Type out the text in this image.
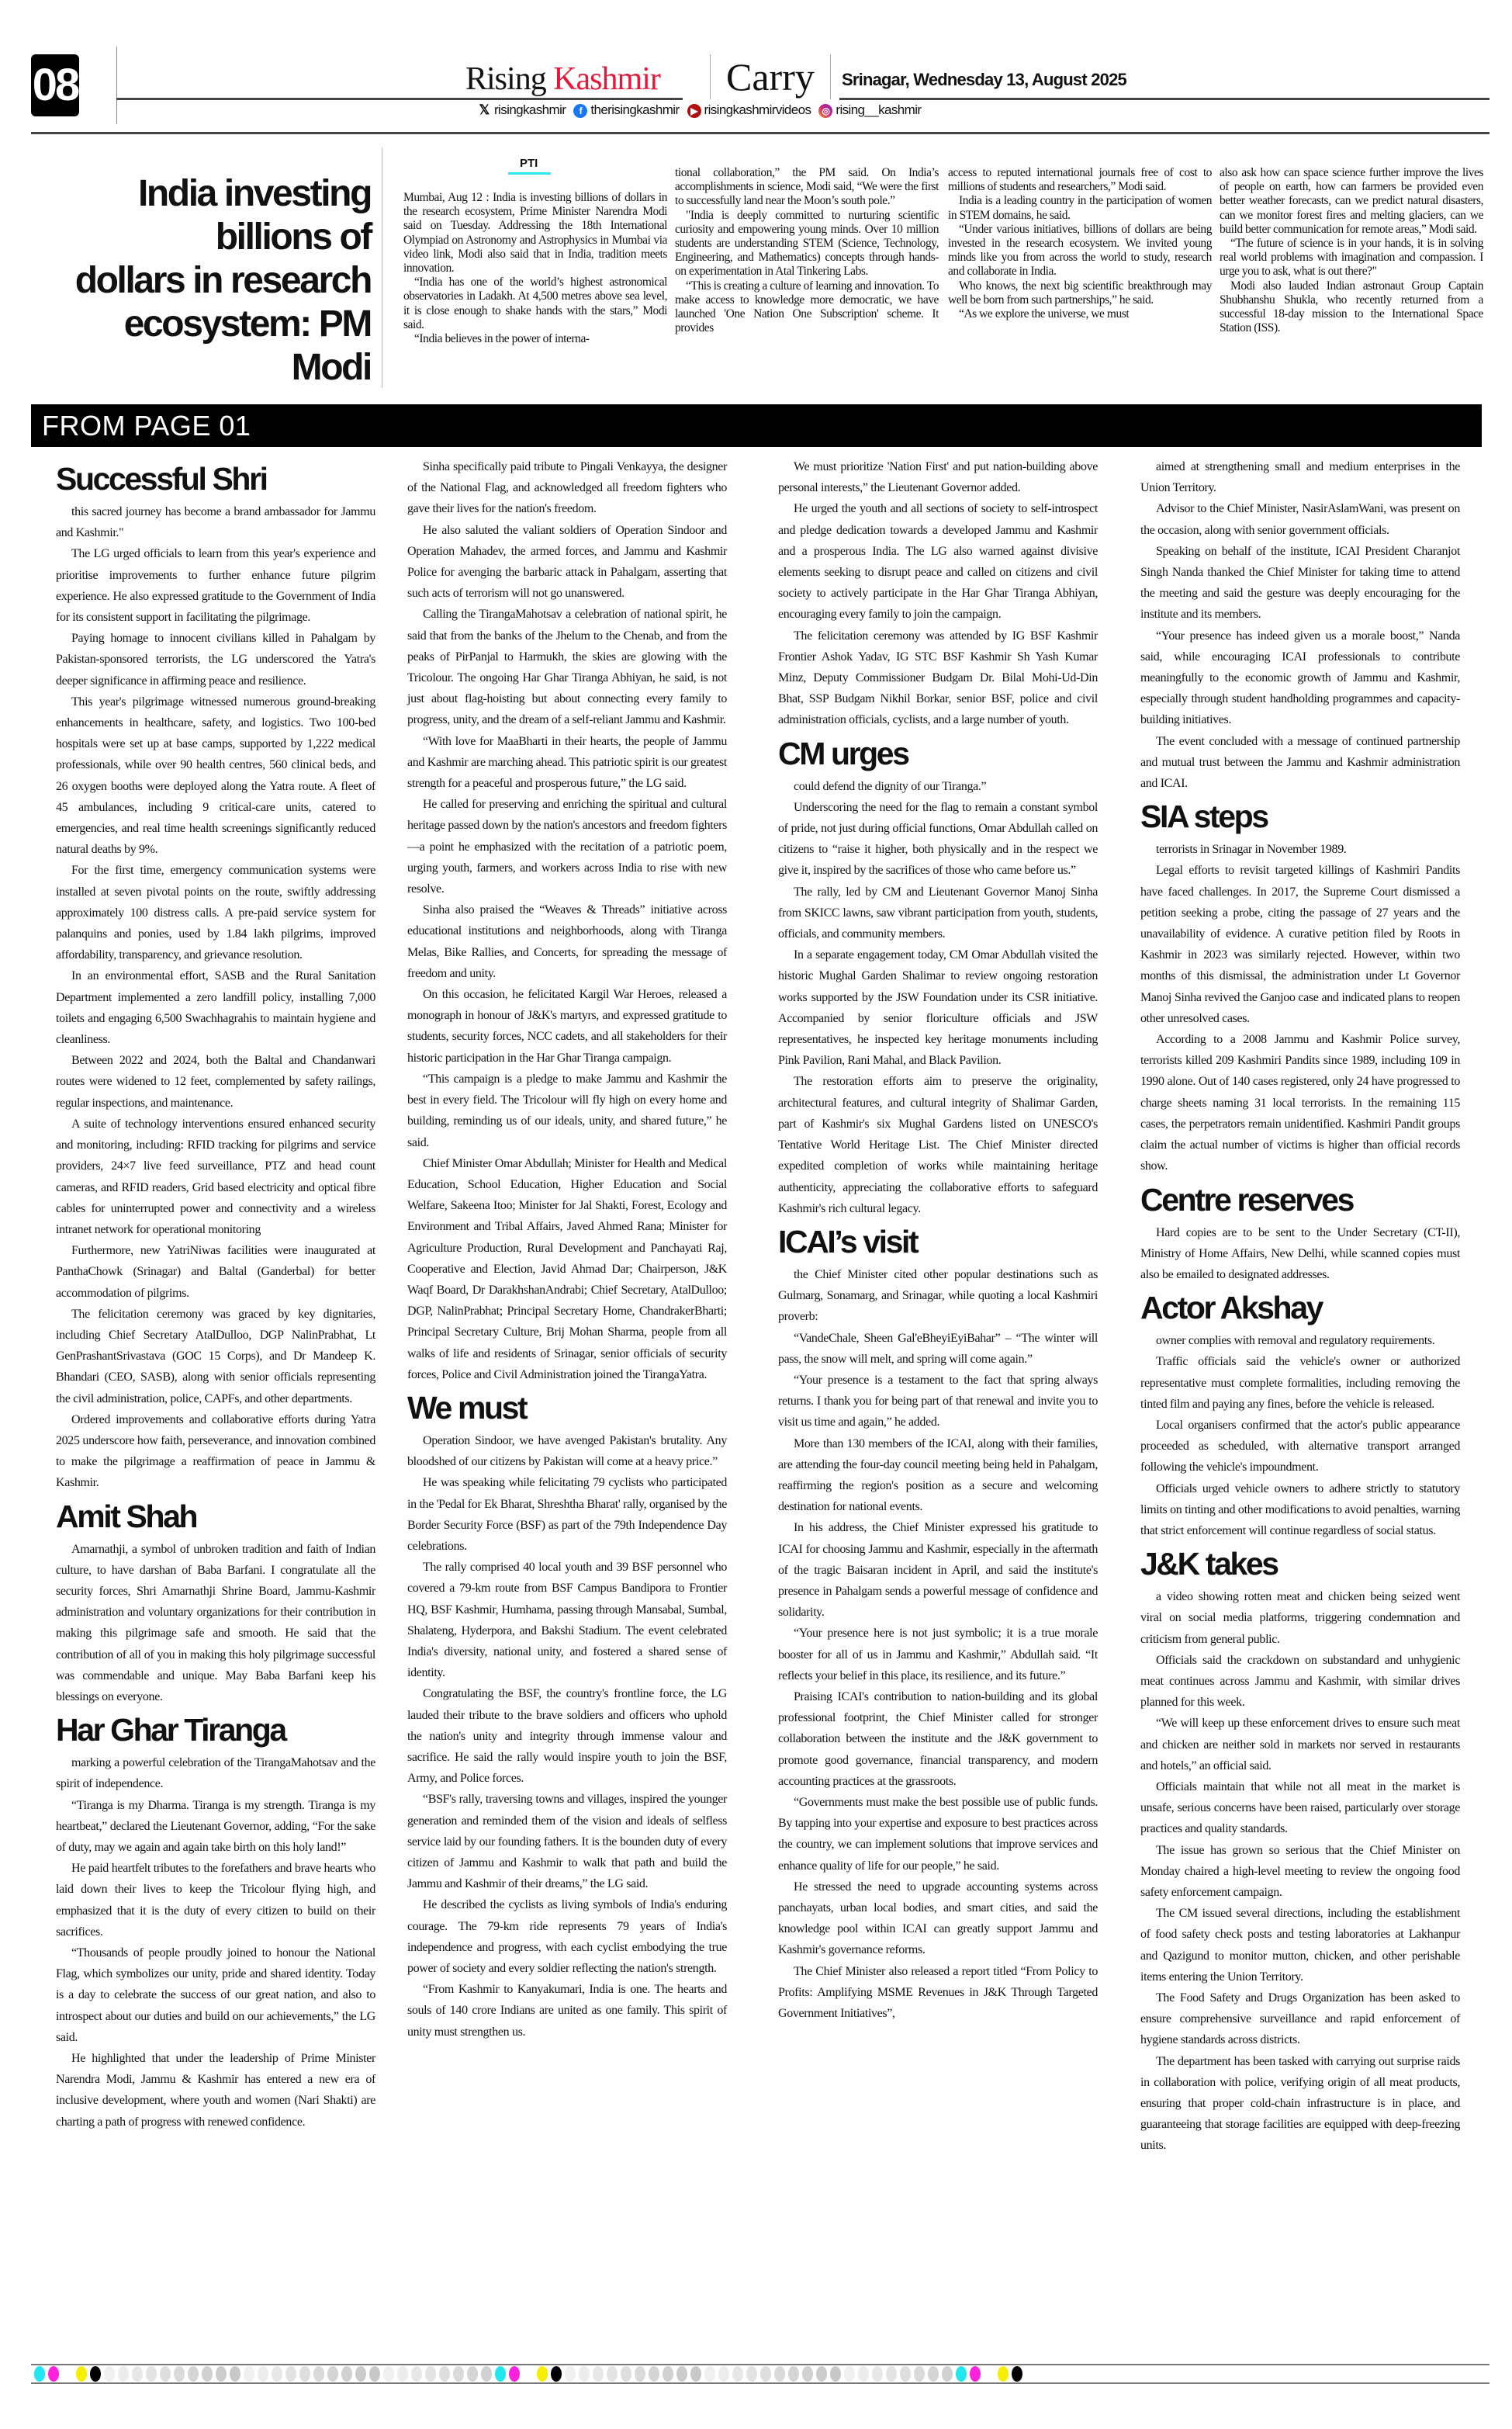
08	Rising Kashmir	Carry	Srinagar, Wednesday 13, August 2025
𝕏 risingkashmir	f therisingkashmir	▶ risingkashmirvideos	◎ rising__kashmir
India investing
billions of
dollars in research
ecosystem: PM Modi
PTI

Mumbai, Aug 12 : India is investing billions of dollars in the research ecosystem, Prime Minister Narendra Modi said on Tuesday. Addressing the 18th International Olympiad on Astronomy and Astrophysics in Mumbai via video link, Modi also said that in India, tradition meets innovation.

“India has one of the world’s highest astronomical observatories in Ladakh. At 4,500 metres above sea level, it is close enough to shake hands with the stars,” Modi said.

“India believes in the power of interna-

tional collaboration,” the PM said. On India’s accomplishments in science, Modi said, “We were the first to successfully land near the Moon’s south pole.”

"India is deeply committed to nurturing scientific curiosity and empowering young minds. Over 10 million students are understanding STEM (Science, Technology, Engineering, and Mathematics) concepts through hands-on experimentation in Atal Tinkering Labs.

“This is creating a culture of learning and innovation. To make access to knowledge more democratic, we have launched 'One Nation One Subscription' scheme. It provides

access to reputed international journals free of cost to millions of students and researchers,” Modi said.

India is a leading country in the participation of women in STEM domains, he said.

“Under various initiatives, billions of dollars are being invested in the research ecosystem. We invited young minds like you from across the world to study, research and collaborate in India.

Who knows, the next big scientific breakthrough may well be born from such partnerships,” he said.

“As we explore the universe, we must

also ask how can space science further improve the lives of people on earth, how can farmers be provided even better weather forecasts, can we predict natural disasters, can we monitor forest fires and melting glaciers, can we build better communication for remote areas,” Modi said.

“The future of science is in your hands, it is in solving real world problems with imagination and compassion. I urge you to ask, what is out there?"

Modi also lauded Indian astronaut Group Captain Shubhanshu Shukla, who recently returned from a successful 18-day mission to the International Space Station (ISS).

FROM PAGE 01
Successful Shri

this sacred journey has become a brand ambassador for Jammu and Kashmir."

The LG urged officials to learn from this year's experience and prioritise improvements to further enhance future pilgrim experience. He also expressed gratitude to the Government of India for its consistent support in facilitating the pilgrimage.

Paying homage to innocent civilians killed in Pahalgam by Pakistan-sponsored terrorists, the LG underscored the Yatra's deeper significance in affirming peace and resilience.

This year's pilgrimage witnessed numerous ground-breaking enhancements in healthcare, safety, and logistics. Two 100-bed hospitals were set up at base camps, supported by 1,222 medical professionals, while over 90 health centres, 560 clinical beds, and 26 oxygen booths were deployed along the Yatra route. A fleet of 45 ambulances, including 9 critical-care units, catered to emergencies, and real time health screenings significantly reduced natural deaths by 9%.

For the first time, emergency communication systems were installed at seven pivotal points on the route, swiftly addressing approximately 100 distress calls. A pre-paid service system for palanquins and ponies, used by 1.84 lakh pilgrims, improved affordability, transparency, and grievance resolution.

In an environmental effort, SASB and the Rural Sanitation Department implemented a zero landfill policy, installing 7,000 toilets and engaging 6,500 Swachhagrahis to maintain hygiene and cleanliness.

Between 2022 and 2024, both the Baltal and Chandanwari routes were widened to 12 feet, complemented by safety railings, regular inspections, and maintenance.

A suite of technology interventions ensured enhanced security and monitoring, including: RFID tracking for pilgrims and service providers, 24×7 live feed surveillance, PTZ and head count cameras, and RFID readers, Grid based electricity and optical fibre cables for uninterrupted power and connectivity and a wireless intranet network for operational monitoring

Furthermore, new YatriNiwas facilities were inaugurated at PanthaChowk (Srinagar) and Baltal (Ganderbal) for better accommodation of pilgrims.

The felicitation ceremony was graced by key dignitaries, including Chief Secretary AtalDulloo, DGP NalinPrabhat, Lt GenPrashantSrivastava (GOC 15 Corps), and Dr Mandeep K. Bhandari (CEO, SASB), along with senior officials representing the civil administration, police, CAPFs, and other departments.

Ordered improvements and collaborative efforts during Yatra 2025 underscore how faith, perseverance, and innovation combined to make the pilgrimage a reaffirmation of peace in Jammu & Kashmir.

Amit Shah

Amarnathji, a symbol of unbroken tradition and faith of Indian culture, to have darshan of Baba Barfani. I congratulate all the security forces, Shri Amarnathji Shrine Board, Jammu-Kashmir administration and voluntary organizations for their contribution in making this pilgrimage safe and smooth. He said that the contribution of all of you in making this holy pilgrimage successful was commendable and unique. May Baba Barfani keep his blessings on everyone.

Har Ghar Tiranga

marking a powerful celebration of the TirangaMahotsav and the spirit of independence.

“Tiranga is my Dharma. Tiranga is my strength. Tiranga is my heartbeat,” declared the Lieutenant Governor, adding, “For the sake of duty, may we again and again take birth on this holy land!”

He paid heartfelt tributes to the forefathers and brave hearts who laid down their lives to keep the Tricolour flying high, and emphasized that it is the duty of every citizen to build on their sacrifices.

“Thousands of people proudly joined to honour the National Flag, which symbolizes our unity, pride and shared identity. Today is a day to celebrate the success of our great nation, and also to introspect about our duties and build on our achievements,” the LG said.

He highlighted that under the leadership of Prime Minister Narendra Modi, Jammu & Kashmir has entered a new era of inclusive development, where youth and women (Nari Shakti) are charting a path of progress with renewed confidence.

Sinha specifically paid tribute to Pingali Venkayya, the designer of the National Flag, and acknowledged all freedom fighters who gave their lives for the nation's freedom.

He also saluted the valiant soldiers of Operation Sindoor and Operation Mahadev, the armed forces, and Jammu and Kashmir Police for avenging the barbaric attack in Pahalgam, asserting that such acts of terrorism will not go unanswered.

Calling the TirangaMahotsav a celebration of national spirit, he said that from the banks of the Jhelum to the Chenab, and from the peaks of PirPanjal to Harmukh, the skies are glowing with the Tricolour. The ongoing Har Ghar Tiranga Abhiyan, he said, is not just about flag-hoisting but about connecting every family to progress, unity, and the dream of a self-reliant Jammu and Kashmir.

“With love for MaaBharti in their hearts, the people of Jammu and Kashmir are marching ahead. This patriotic spirit is our greatest strength for a peaceful and prosperous future,” the LG said.

He called for preserving and enriching the spiritual and cultural heritage passed down by the nation's ancestors and freedom fighters—a point he emphasized with the recitation of a patriotic poem, urging youth, farmers, and workers across India to rise with new resolve.

Sinha also praised the “Weaves & Threads” initiative across educational institutions and neighborhoods, along with Tiranga Melas, Bike Rallies, and Concerts, for spreading the message of freedom and unity.

On this occasion, he felicitated Kargil War Heroes, released a monograph in honour of J&K's martyrs, and expressed gratitude to students, security forces, NCC cadets, and all stakeholders for their historic participation in the Har Ghar Tiranga campaign.

“This campaign is a pledge to make Jammu and Kashmir the best in every field. The Tricolour will fly high on every home and building, reminding us of our ideals, unity, and shared future,” he said.

Chief Minister Omar Abdullah; Minister for Health and Medical Education, School Education, Higher Education and Social Welfare, Sakeena Itoo; Minister for Jal Shakti, Forest, Ecology and Environment and Tribal Affairs, Javed Ahmed Rana; Minister for Agriculture Production, Rural Development and Panchayati Raj, Cooperative and Election, Javid Ahmad Dar; Chairperson, J&K Waqf Board, Dr DarakhshanAndrabi; Chief Secretary, AtalDulloo; DGP, NalinPrabhat; Principal Secretary Home, ChandrakerBharti; Principal Secretary Culture, Brij Mohan Sharma, people from all walks of life and residents of Srinagar, senior officials of security forces, Police and Civil Administration joined the TirangaYatra.

We must

Operation Sindoor, we have avenged Pakistan's brutality. Any bloodshed of our citizens by Pakistan will come at a heavy price.”

He was speaking while felicitating 79 cyclists who participated in the 'Pedal for Ek Bharat, Shreshtha Bharat' rally, organised by the Border Security Force (BSF) as part of the 79th Independence Day celebrations.

The rally comprised 40 local youth and 39 BSF personnel who covered a 79-km route from BSF Campus Bandipora to Frontier HQ, BSF Kashmir, Humhama, passing through Mansabal, Sumbal, Shalateng, Hyderpora, and Bakshi Stadium. The event celebrated India's diversity, national unity, and fostered a shared sense of identity.

Congratulating the BSF, the country's frontline force, the LG lauded their tribute to the brave soldiers and officers who uphold the nation's unity and integrity through immense valour and sacrifice. He said the rally would inspire youth to join the BSF, Army, and Police forces.

“BSF's rally, traversing towns and villages, inspired the younger generation and reminded them of the vision and ideals of selfless service laid by our founding fathers. It is the bounden duty of every citizen of Jammu and Kashmir to walk that path and build the Jammu and Kashmir of their dreams,” the LG said.

He described the cyclists as living symbols of India's enduring courage. The 79-km ride represents 79 years of India's independence and progress, with each cyclist embodying the true power of society and every soldier reflecting the nation's strength.

“From Kashmir to Kanyakumari, India is one. The hearts and souls of 140 crore Indians are united as one family. This spirit of unity must strengthen us.

We must prioritize 'Nation First' and put nation-building above personal interests,” the Lieutenant Governor added.

He urged the youth and all sections of society to self-introspect and pledge dedication towards a developed Jammu and Kashmir and a prosperous India. The LG also warned against divisive elements seeking to disrupt peace and called on citizens and civil society to actively participate in the Har Ghar Tiranga Abhiyan, encouraging every family to join the campaign.

The felicitation ceremony was attended by IG BSF Kashmir Frontier Ashok Yadav, IG STC BSF Kashmir Sh Yash Kumar Minz, Deputy Commissioner Budgam Dr. Bilal Mohi-Ud-Din Bhat, SSP Budgam Nikhil Borkar, senior BSF, police and civil administration officials, cyclists, and a large number of youth.

CM urges

could defend the dignity of our Tiranga.”

Underscoring the need for the flag to remain a constant symbol of pride, not just during official functions, Omar Abdullah called on citizens to “raise it higher, both physically and in the respect we give it, inspired by the sacrifices of those who came before us.”

The rally, led by CM and Lieutenant Governor Manoj Sinha from SKICC lawns, saw vibrant participation from youth, students, officials, and community members.

In a separate engagement today, CM Omar Abdullah visited the historic Mughal Garden Shalimar to review ongoing restoration works supported by the JSW Foundation under its CSR initiative. Accompanied by senior floriculture officials and JSW representatives, he inspected key heritage monuments including Pink Pavilion, Rani Mahal, and Black Pavilion.

The restoration efforts aim to preserve the originality, architectural features, and cultural integrity of Shalimar Garden, part of Kashmir's six Mughal Gardens listed on UNESCO's Tentative World Heritage List. The Chief Minister directed expedited completion of works while maintaining heritage authenticity, appreciating the collaborative efforts to safeguard Kashmir's rich cultural legacy.

ICAI’s visit

the Chief Minister cited other popular destinations such as Gulmarg, Sonamarg, and Srinagar, while quoting a local Kashmiri proverb:

“VandeChale, Sheen Gal'eBheyiEyiBahar” – “The winter will pass, the snow will melt, and spring will come again.”

“Your presence is a testament to the fact that spring always returns. I thank you for being part of that renewal and invite you to visit us time and again,” he added.

More than 130 members of the ICAI, along with their families, are attending the four-day council meeting being held in Pahalgam, reaffirming the region's position as a secure and welcoming destination for national events.

In his address, the Chief Minister expressed his gratitude to ICAI for choosing Jammu and Kashmir, especially in the aftermath of the tragic Baisaran incident in April, and said the institute's presence in Pahalgam sends a powerful message of confidence and solidarity.

“Your presence here is not just symbolic; it is a true morale booster for all of us in Jammu and Kashmir,” Abdullah said. “It reflects your belief in this place, its resilience, and its future.”

Praising ICAI's contribution to nation-building and its global professional footprint, the Chief Minister called for stronger collaboration between the institute and the J&K government to promote good governance, financial transparency, and modern accounting practices at the grassroots.

“Governments must make the best possible use of public funds. By tapping into your expertise and exposure to best practices across the country, we can implement solutions that improve services and enhance quality of life for our people,” he said.

He stressed the need to upgrade accounting systems across panchayats, urban local bodies, and smart cities, and said the knowledge pool within ICAI can greatly support Jammu and Kashmir's governance reforms.

The Chief Minister also released a report titled “From Policy to Profits: Amplifying MSME Revenues in J&K Through Targeted Government Initiatives”,

aimed at strengthening small and medium enterprises in the Union Territory.

Advisor to the Chief Minister, NasirAslamWani, was present on the occasion, along with senior government officials.

Speaking on behalf of the institute, ICAI President Charanjot Singh Nanda thanked the Chief Minister for taking time to attend the meeting and said the gesture was deeply encouraging for the institute and its members.

“Your presence has indeed given us a morale boost,” Nanda said, while encouraging ICAI professionals to contribute meaningfully to the economic growth of Jammu and Kashmir, especially through student handholding programmes and capacity-building initiatives.

The event concluded with a message of continued partnership and mutual trust between the Jammu and Kashmir administration and ICAI.

SIA steps

terrorists in Srinagar in November 1989.

Legal efforts to revisit targeted killings of Kashmiri Pandits have faced challenges. In 2017, the Supreme Court dismissed a petition seeking a probe, citing the passage of 27 years and the unavailability of evidence. A curative petition filed by Roots in Kashmir in 2023 was similarly rejected. However, within two months of this dismissal, the administration under Lt Governor Manoj Sinha revived the Ganjoo case and indicated plans to reopen other unresolved cases.

According to a 2008 Jammu and Kashmir Police survey, terrorists killed 209 Kashmiri Pandits since 1989, including 109 in 1990 alone. Out of 140 cases registered, only 24 have progressed to charge sheets naming 31 local terrorists. In the remaining 115 cases, the perpetrators remain unidentified. Kashmiri Pandit groups claim the actual number of victims is higher than official records show.

Centre reserves

Hard copies are to be sent to the Under Secretary (CT-II), Ministry of Home Affairs, New Delhi, while scanned copies must also be emailed to designated addresses.

Actor Akshay

owner complies with removal and regulatory requirements.

Traffic officials said the vehicle's owner or authorized representative must complete formalities, including removing the tinted film and paying any fines, before the vehicle is released.

Local organisers confirmed that the actor's public appearance proceeded as scheduled, with alternative transport arranged following the vehicle's impoundment.

Officials urged vehicle owners to adhere strictly to statutory limits on tinting and other modifications to avoid penalties, warning that strict enforcement will continue regardless of social status.

J&K takes

a video showing rotten meat and chicken being seized went viral on social media platforms, triggering condemnation and criticism from general public.

Officials said the crackdown on substandard and unhygienic meat continues across Jammu and Kashmir, with similar drives planned for this week.

“We will keep up these enforcement drives to ensure such meat and chicken are neither sold in markets nor served in restaurants and hotels,” an official said.

Officials maintain that while not all meat in the market is unsafe, serious concerns have been raised, particularly over storage practices and quality standards.

The issue has grown so serious that the Chief Minister on Monday chaired a high-level meeting to review the ongoing food safety enforcement campaign.

The CM issued several directions, including the establishment of food safety check posts and testing laboratories at Lakhanpur and Qazigund to monitor mutton, chicken, and other perishable items entering the Union Territory.

The Food Safety and Drugs Organization has been asked to ensure comprehensive surveillance and rapid enforcement of hygiene standards across districts.

The department has been tasked with carrying out surprise raids in collaboration with police, verifying origin of all meat products, ensuring that proper cold-chain infrastructure is in place, and guaranteeing that storage facilities are equipped with deep-freezing units.
